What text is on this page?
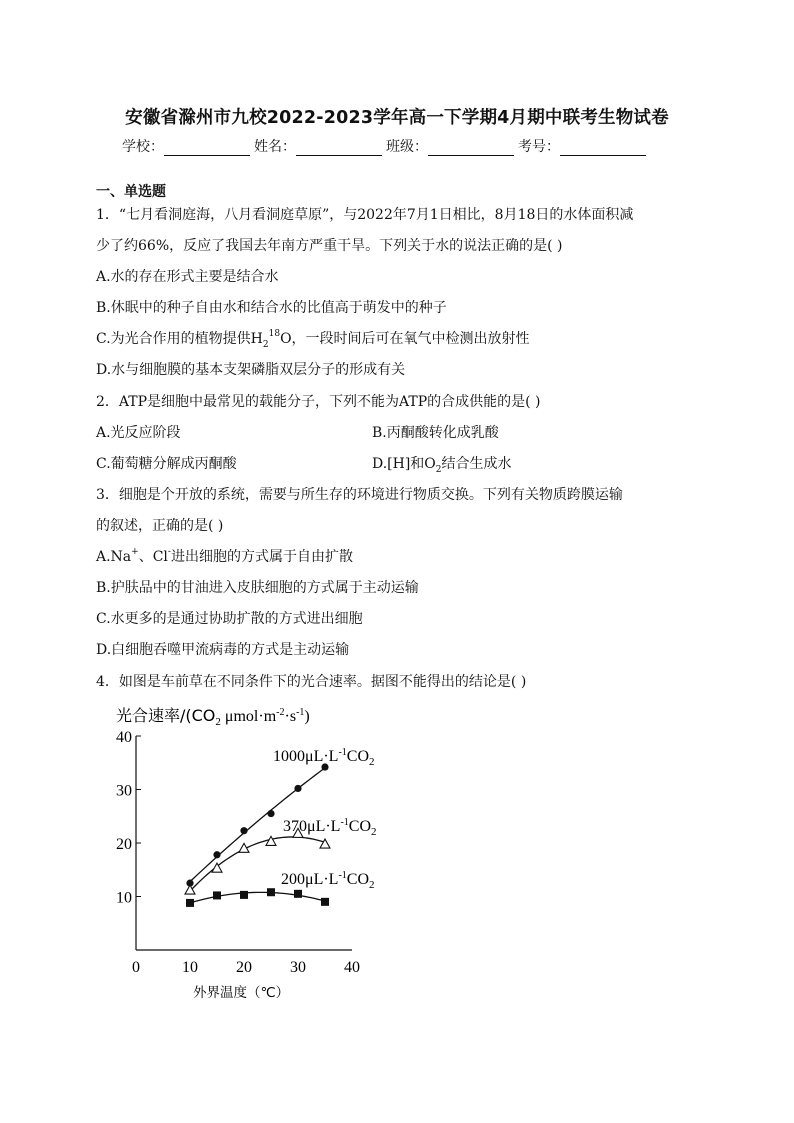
安徽省滁州市九校2022-2023学年高一下学期4月期中联考生物试卷
学校：	姓名：	班级：	考号：
一、单选题
1．“七月看洞庭海，八月看洞庭草原”，与2022年7月1日相比，8月18日的水体面积减
少了约66%，反应了我国去年南方严重干旱。下列关于水的说法正确的是( )
A.水的存在形式主要是结合水
B.休眠中的种子自由水和结合水的比值高于萌发中的种子
C.为光合作用的植物提供$H_2^{18}O$，一段时间后可在氧气中检测出放射性
D.水与细胞膜的基本支架磷脂双层分子的形成有关
2．ATP是细胞中最常见的载能分子，下列不能为ATP的合成供能的是( )
A.光反应阶段	B.丙酮酸转化成乳酸
C.葡萄糖分解成丙酮酸	D.[H]和$O_2$结合生成水
3．细胞是个开放的系统，需要与所生存的环境进行物质交换。下列有关物质跨膜运输
的叙述，正确的是( )
A.Na+、Cl-进出细胞的方式属于自由扩散
B.护肤品中的甘油进入皮肤细胞的方式属于主动运输
C.水更多的是通过协助扩散的方式进出细胞
D.白细胞吞噬甲流病毒的方式是主动运输
4．如图是车前草在不同条件下的光合速率。据图不能得出的结论是( )
光合速率$/(CO_2$ $\mu mol\cdot m^{-2}\cdot s^{-1}$)
0	10 20 30 40
10
20
30
40
$1000\mu L\cdot L^{-1}CO_2$
$370\mu L\cdot L^{-1}CO_2$
$200\mu L\cdot L^{-1}CO_2$
外界温度（℃）
